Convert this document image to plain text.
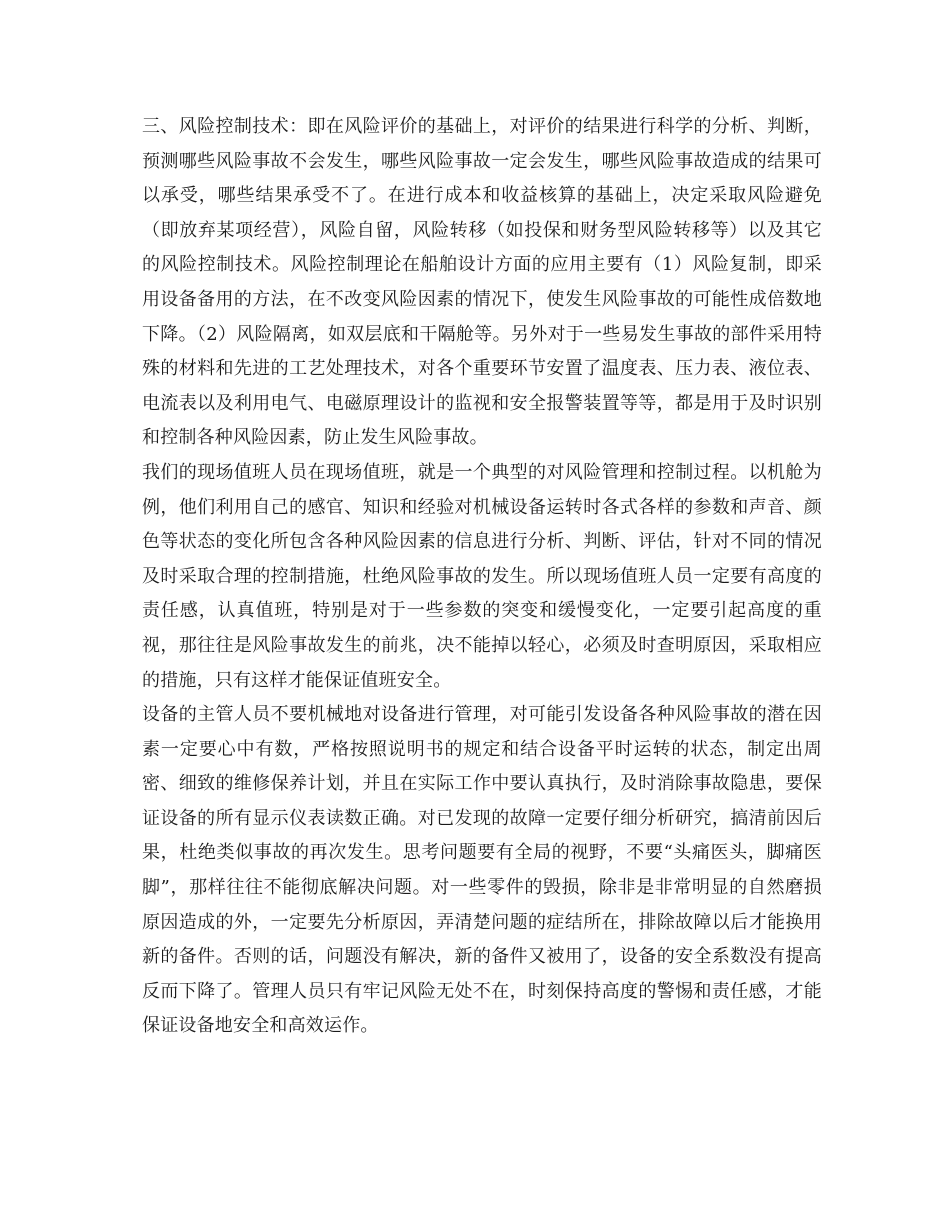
三、风险控制技术：即在风险评价的基础上，对评价的结果进行科学的分析、判断，预测哪些风险事故不会发生，哪些风险事故一定会发生，哪些风险事故造成的结果可以承受，哪些结果承受不了。在进行成本和收益核算的基础上，决定采取风险避免（即放弃某项经营），风险自留，风险转移（如投保和财务型风险转移等）以及其它的风险控制技术。风险控制理论在船舶设计方面的应用主要有（1）风险复制，即采用设备备用的方法，在不改变风险因素的情况下，使发生风险事故的可能性成倍数地下降。（2）风险隔离，如双层底和干隔舱等。另外对于一些易发生事故的部件采用特殊的材料和先进的工艺处理技术，对各个重要环节安置了温度表、压力表、液位表、电流表以及利用电气、电磁原理设计的监视和安全报警装置等等，都是用于及时识别和控制各种风险因素，防止发生风险事故。

我们的现场值班人员在现场值班，就是一个典型的对风险管理和控制过程。以机舱为例，他们利用自己的感官、知识和经验对机械设备运转时各式各样的参数和声音、颜色等状态的变化所包含各种风险因素的信息进行分析、判断、评估，针对不同的情况及时采取合理的控制措施，杜绝风险事故的发生。所以现场值班人员一定要有高度的责任感，认真值班，特别是对于一些参数的突变和缓慢变化，一定要引起高度的重视，那往往是风险事故发生的前兆，决不能掉以轻心，必须及时查明原因，采取相应的措施，只有这样才能保证值班安全。

设备的主管人员不要机械地对设备进行管理，对可能引发设备各种风险事故的潜在因素一定要心中有数，严格按照说明书的规定和结合设备平时运转的状态，制定出周密、细致的维修保养计划，并且在实际工作中要认真执行，及时消除事故隐患，要保证设备的所有显示仪表读数正确。对已发现的故障一定要仔细分析研究，搞清前因后果，杜绝类似事故的再次发生。思考问题要有全局的视野，不要“头痛医头，脚痛医脚”，那样往往不能彻底解决问题。对一些零件的毁损，除非是非常明显的自然磨损原因造成的外，一定要先分析原因，弄清楚问题的症结所在，排除故障以后才能换用新的备件。否则的话，问题没有解决，新的备件又被用了，设备的安全系数没有提高反而下降了。管理人员只有牢记风险无处不在，时刻保持高度的警惕和责任感，才能保证设备地安全和高效运作。
